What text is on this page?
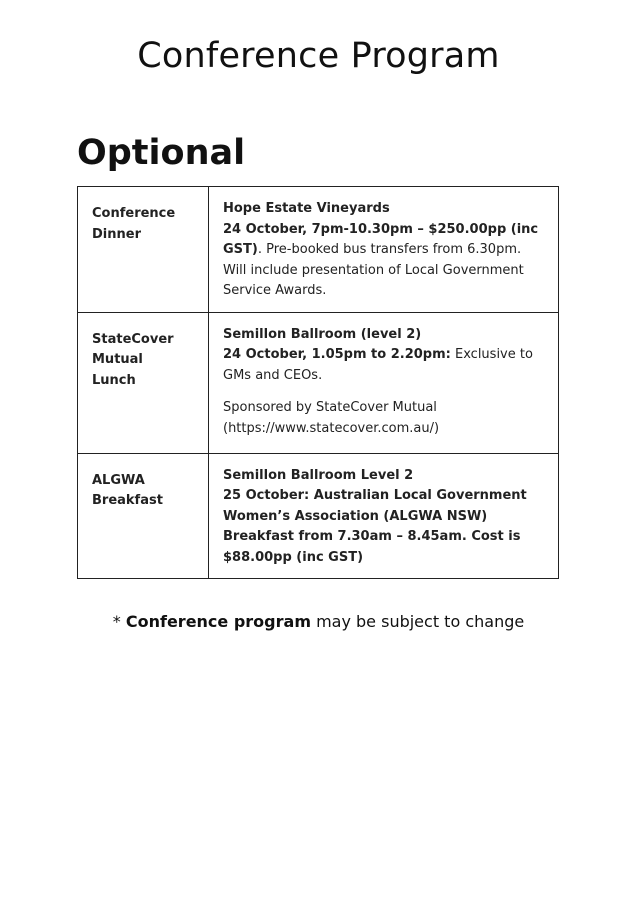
Conference Program
Optional
Conference
Dinner	Hope Estate Vineyards
24 October, 7pm-10.30pm – $250.00pp (inc GST). Pre-booked bus transfers from 6.30pm. Will include presentation of Local Government Service Awards.

StateCover
Mutual
Lunch	Semillon Ballroom (level 2)
24 October, 1.05pm to 2.20pm: Exclusive to GMs and CEOs.
Sponsored by StateCover Mutual (https://www.statecover.com.au/)

ALGWA
Breakfast	Semillon Ballroom Level 2
25 October: Australian Local Government Women’s Association (ALGWA NSW) Breakfast from 7.30am – 8.45am. Cost is $88.00pp (inc GST)
* Conference program may be subject to change
